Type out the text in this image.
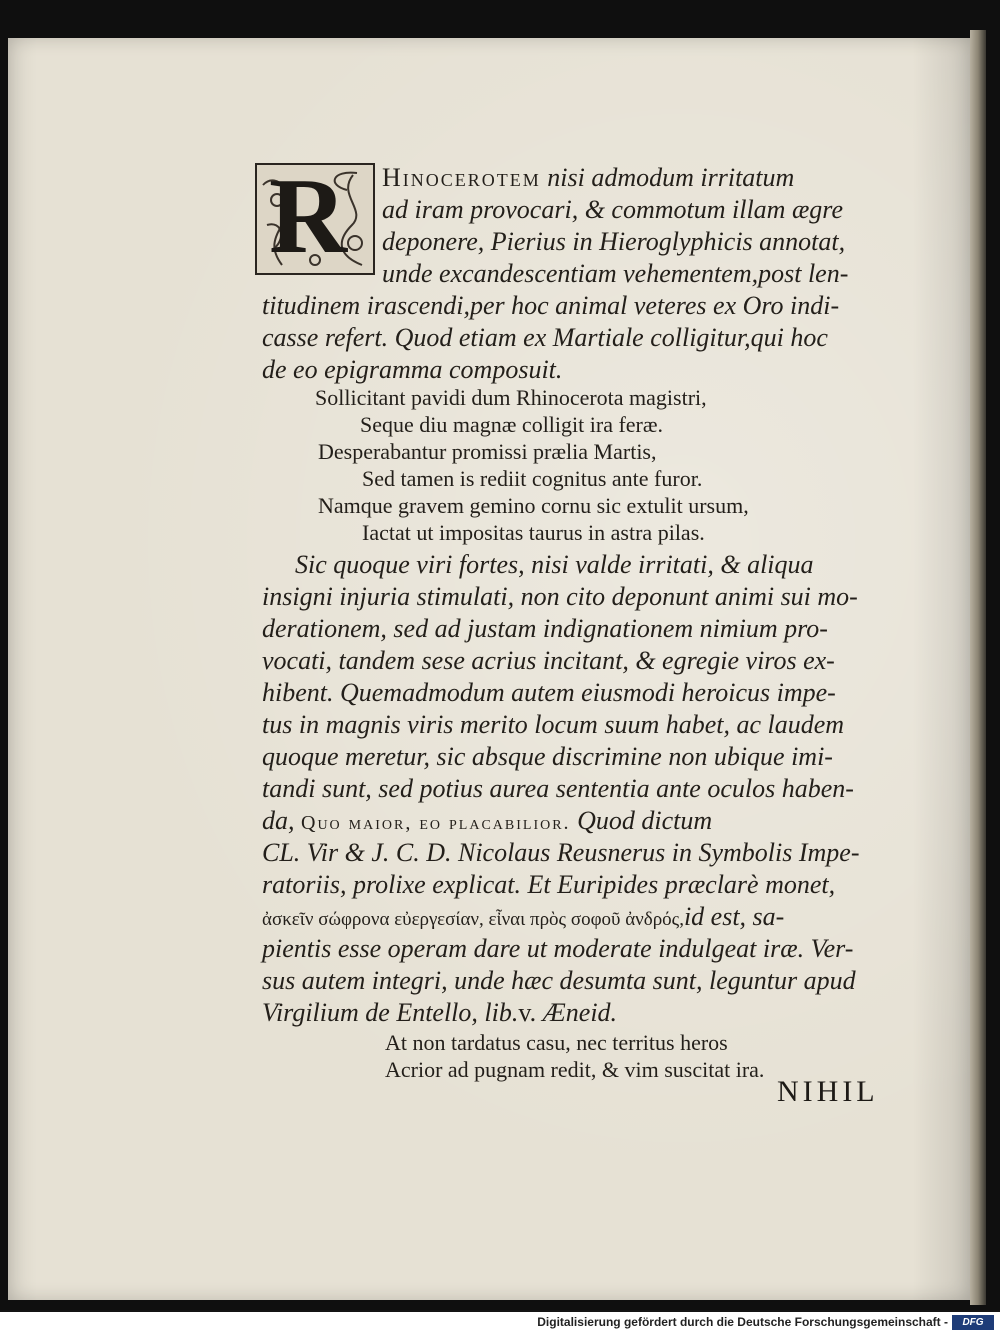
R Hinocerotem nisi admodum irritatum
ad iram provocari, & commotum illam ægre
deponere, Pierius in Hieroglyphicis annotat,
unde excandescentiam vehementem,post len-
titudinem irascendi,per hoc animal veteres ex Oro indi-
casse refert. Quod etiam ex Martiale colligitur,qui hoc
de eo epigramma composuit.
Sollicitant pavidi dum Rhinocerota magistri,
Seque diu magnæ colligit ira feræ.
Desperabantur promissi prælia Martis,
Sed tamen is rediit cognitus ante furor.
Namque gravem gemino cornu sic extulit ursum,
Iactat ut impositas taurus in astra pilas.
Sic quoque viri fortes, nisi valde irritati, & aliqua
insigni injuria stimulati, non cito deponunt animi sui mo-
derationem, sed ad justam indignationem nimium pro-
vocati, tandem sese acrius incitant, & egregie viros ex-
hibent. Quemadmodum autem eiusmodi heroicus impe-
tus in magnis viris merito locum suum habet, ac laudem
quoque meretur, sic absque discrimine non ubique imi-
tandi sunt, sed potius aurea sententia ante oculos haben-
da, Quo maior, eo placabilior. Quod dictum
CL. Vir & J. C. D. Nicolaus Reusnerus in Symbolis Impe-
ratoriis, prolixe explicat. Et Euripides præclarè monet,
ἀσκεῖν σώφρονα εὐεργεσίαν, εἶναι πρὸς σοφοῦ ἀνδρός,id est, sa-
pientis esse operam dare ut moderate indulgeat iræ. Ver-
sus autem integri, unde hæc desumta sunt, leguntur apud
Virgilium de Entello, lib.v. Æneid.
At non tardatus casu, nec territus heros
Acrior ad pugnam redit, & vim suscitat ira.
NIHIL
Digitalisierung gefördert durch die Deutsche Forschungsgemeinschaft -	DFG
